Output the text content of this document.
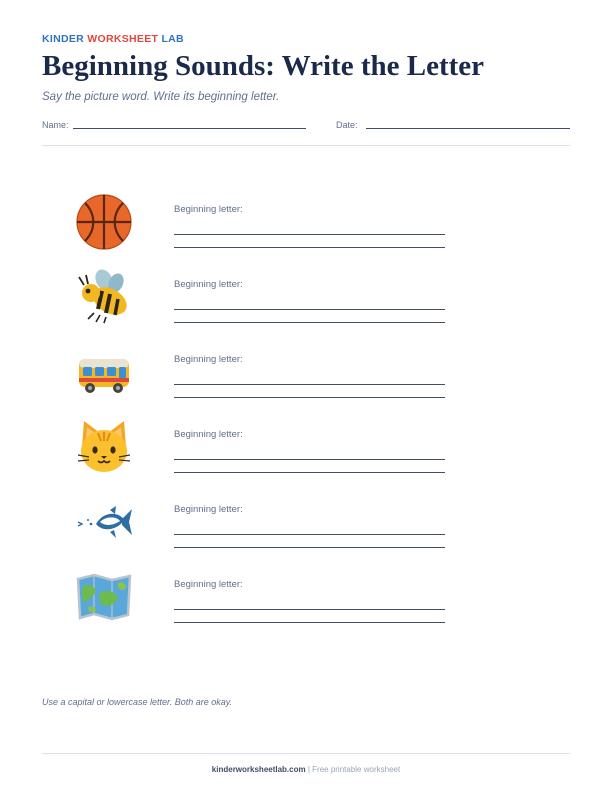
KINDER WORKSHEET LAB
Beginning Sounds: Write the Letter
Say the picture word. Write its beginning letter.
Name:	Date:
Beginning letter:
Beginning letter:
Beginning letter:
Beginning letter:
Beginning letter:
Beginning letter:
Use a capital or lowercase letter. Both are okay.
kinderworksheetlab.com | Free printable worksheet
